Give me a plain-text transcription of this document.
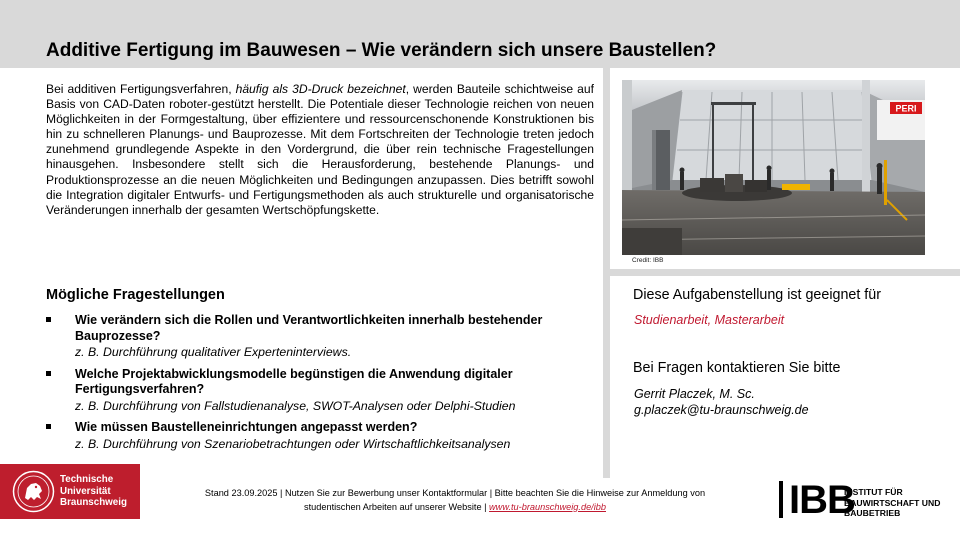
Additive Fertigung im Bauwesen – Wie verändern sich unsere Baustellen?

Bei additiven Fertigungsverfahren, häufig als 3D-Druck bezeichnet, werden Bauteile schichtweise auf Basis von CAD-Daten roboter-gestützt herstellt. Die Potentiale dieser Technologie reichen von neuen Möglichkeiten in der Formgestaltung, über effizientere und ressourcenschonende Konstruktionen bis hin zu schnelleren Planungs- und Bauprozesse. Mit dem Fortschreiten der Technologie treten jedoch zunehmend grundlegende Aspekte in den Vordergrund, die über rein technische Fragestellungen hinausgehen. Insbesondere stellt sich die Herausforderung, bestehende Planungs- und Produktionsprozesse an die neuen Möglichkeiten und Bedingungen anzupassen. Dies betrifft sowohl die Integration digitaler Entwurfs- und Fertigungsmethoden als auch strukturelle und organisatorische Veränderungen innerhalb der gesamten Wertschöpfungskette.

Mögliche Fragestellungen
Wie verändern sich die Rollen und Verantwortlichkeiten innerhalb bestehender Bauprozesse?
z. B. Durchführung qualitativer Experteninterviews.
Welche Projektabwicklungsmodelle begünstigen die Anwendung digitaler Fertigungsverfahren?
z. B. Durchführung von Fallstudienanalyse, SWOT-Analysen oder Delphi-Studien
Wie müssen Baustelleneinrichtungen angepasst werden?
z. B. Durchführung von Szenariobetrachtungen oder Wirtschaftlichkeitsanalysen
PERI
Credit: IBB
Diese Aufgabenstellung ist geeignet für
Studienarbeit, Masterarbeit
Bei Fragen kontaktieren Sie bitte
Gerrit Placzek, M. Sc.
g.placzek@tu-braunschweig.de
Technische
Universität
Braunschweig
Stand 23.09.2025 | Nutzen Sie zur Bewerbung unser Kontaktformular | Bitte beachten Sie die Hinweise zur Anmeldung von
studentischen Arbeiten auf unserer Website | www.tu-braunschweig.de/ibb	IBB
INSTITUT FÜR
BAUWIRTSCHAFT UND
BAUBETRIEB
